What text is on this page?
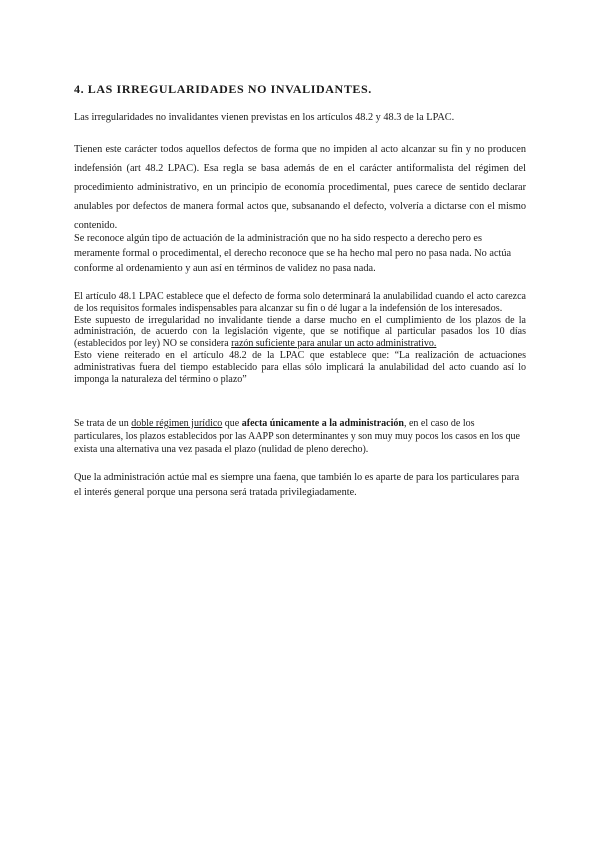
4. LAS IRREGULARIDADES NO INVALIDANTES.

Las irregularidades no invalidantes vienen previstas en los artículos 48.2 y 48.3 de la LPAC.

Tienen este carácter todos aquellos defectos de forma que no impiden al acto alcanzar su fin y no producen indefensión (art 48.2 LPAC). Esa regla se basa además de en el carácter antiformalista del régimen del procedimiento administrativo, en un principio de economía procedimental, pues carece de sentido declarar anulables por defectos de manera formal actos que, subsanando el defecto, volvería a dictarse con el mismo contenido.

Se reconoce algún tipo de actuación de la administración que no ha sido respecto a derecho pero es meramente formal o procedimental, el derecho reconoce que se ha hecho mal pero no pasa nada. No actúa conforme al ordenamiento y aun así en términos de validez no pasa nada.

El artículo 48.1 LPAC establece que el defecto de forma solo determinará la anulabilidad cuando el acto carezca de los requisitos formales indispensables para alcanzar su fin o dé lugar a la indefensión de los interesados.
Este supuesto de irregularidad no invalidante tiende a darse mucho en el cumplimiento de los plazos de la administración, de acuerdo con la legislación vigente, que se notifique al particular pasados los 10 días (establecidos por ley) NO se considera razón suficiente para anular un acto administrativo.
Esto viene reiterado en el artículo 48.2 de la LPAC que establece que: “La realización de actuaciones administrativas fuera del tiempo establecido para ellas sólo implicará la anulabilidad del acto cuando así lo imponga la naturaleza del término o plazo”

Se trata de un doble régimen jurídico que afecta únicamente a la administración, en el caso de los particulares, los plazos establecidos por las AAPP son determinantes y son muy muy pocos los casos en los que exista una alternativa una vez pasada el plazo (nulidad de pleno derecho).

Que la administración actúe mal es siempre una faena, que también lo es aparte de para los particulares para el interés general porque una persona será tratada privilegiadamente.
